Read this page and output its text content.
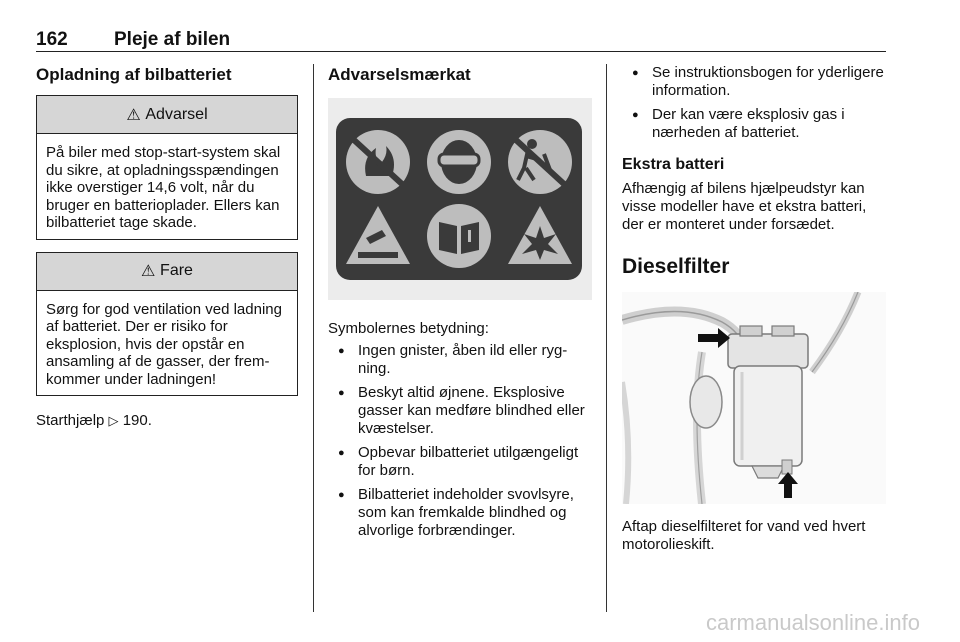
162 Pleje af bilen
Opladning af bilbatteriet
⚠ Advarsel
På biler med stop-start-system skal du sikre, at opladningsspændingen ikke overstiger 14,6 volt, når du bruger en batterioplader. Ellers kan bilbatteriet tage skade.
⚠ Fare
Sørg for god ventilation ved ladning af batteriet. Der er risiko for eksplosion, hvis der opstår en ansamling af de gasser, der fremkommer under ladningen!
Starthjælp ▷ 190.
Advarselsmærkat
Symbolernes betydning:
● Ingen gnister, åben ild eller rygning.
● Beskyt altid øjnene. Eksplosive gasser kan medføre blindhed eller kvæstelser.
● Opbevar bilbatteriet utilgængeligt for børn.
● Bilbatteriet indeholder svovlsyre, som kan fremkalde blindhed og alvorlige forbrændinger.
● Se instruktionsbogen for yderligere information.
● Der kan være eksplosiv gas i nærheden af batteriet.
Ekstra batteri
Afhængig af bilens hjælpeudstyr kan visse modeller have et ekstra batteri, der er monteret under forsædet.
Dieselfilter
Aftap dieselfilteret for vand ved hvert motorolieskift.
carmanualsonline.info
